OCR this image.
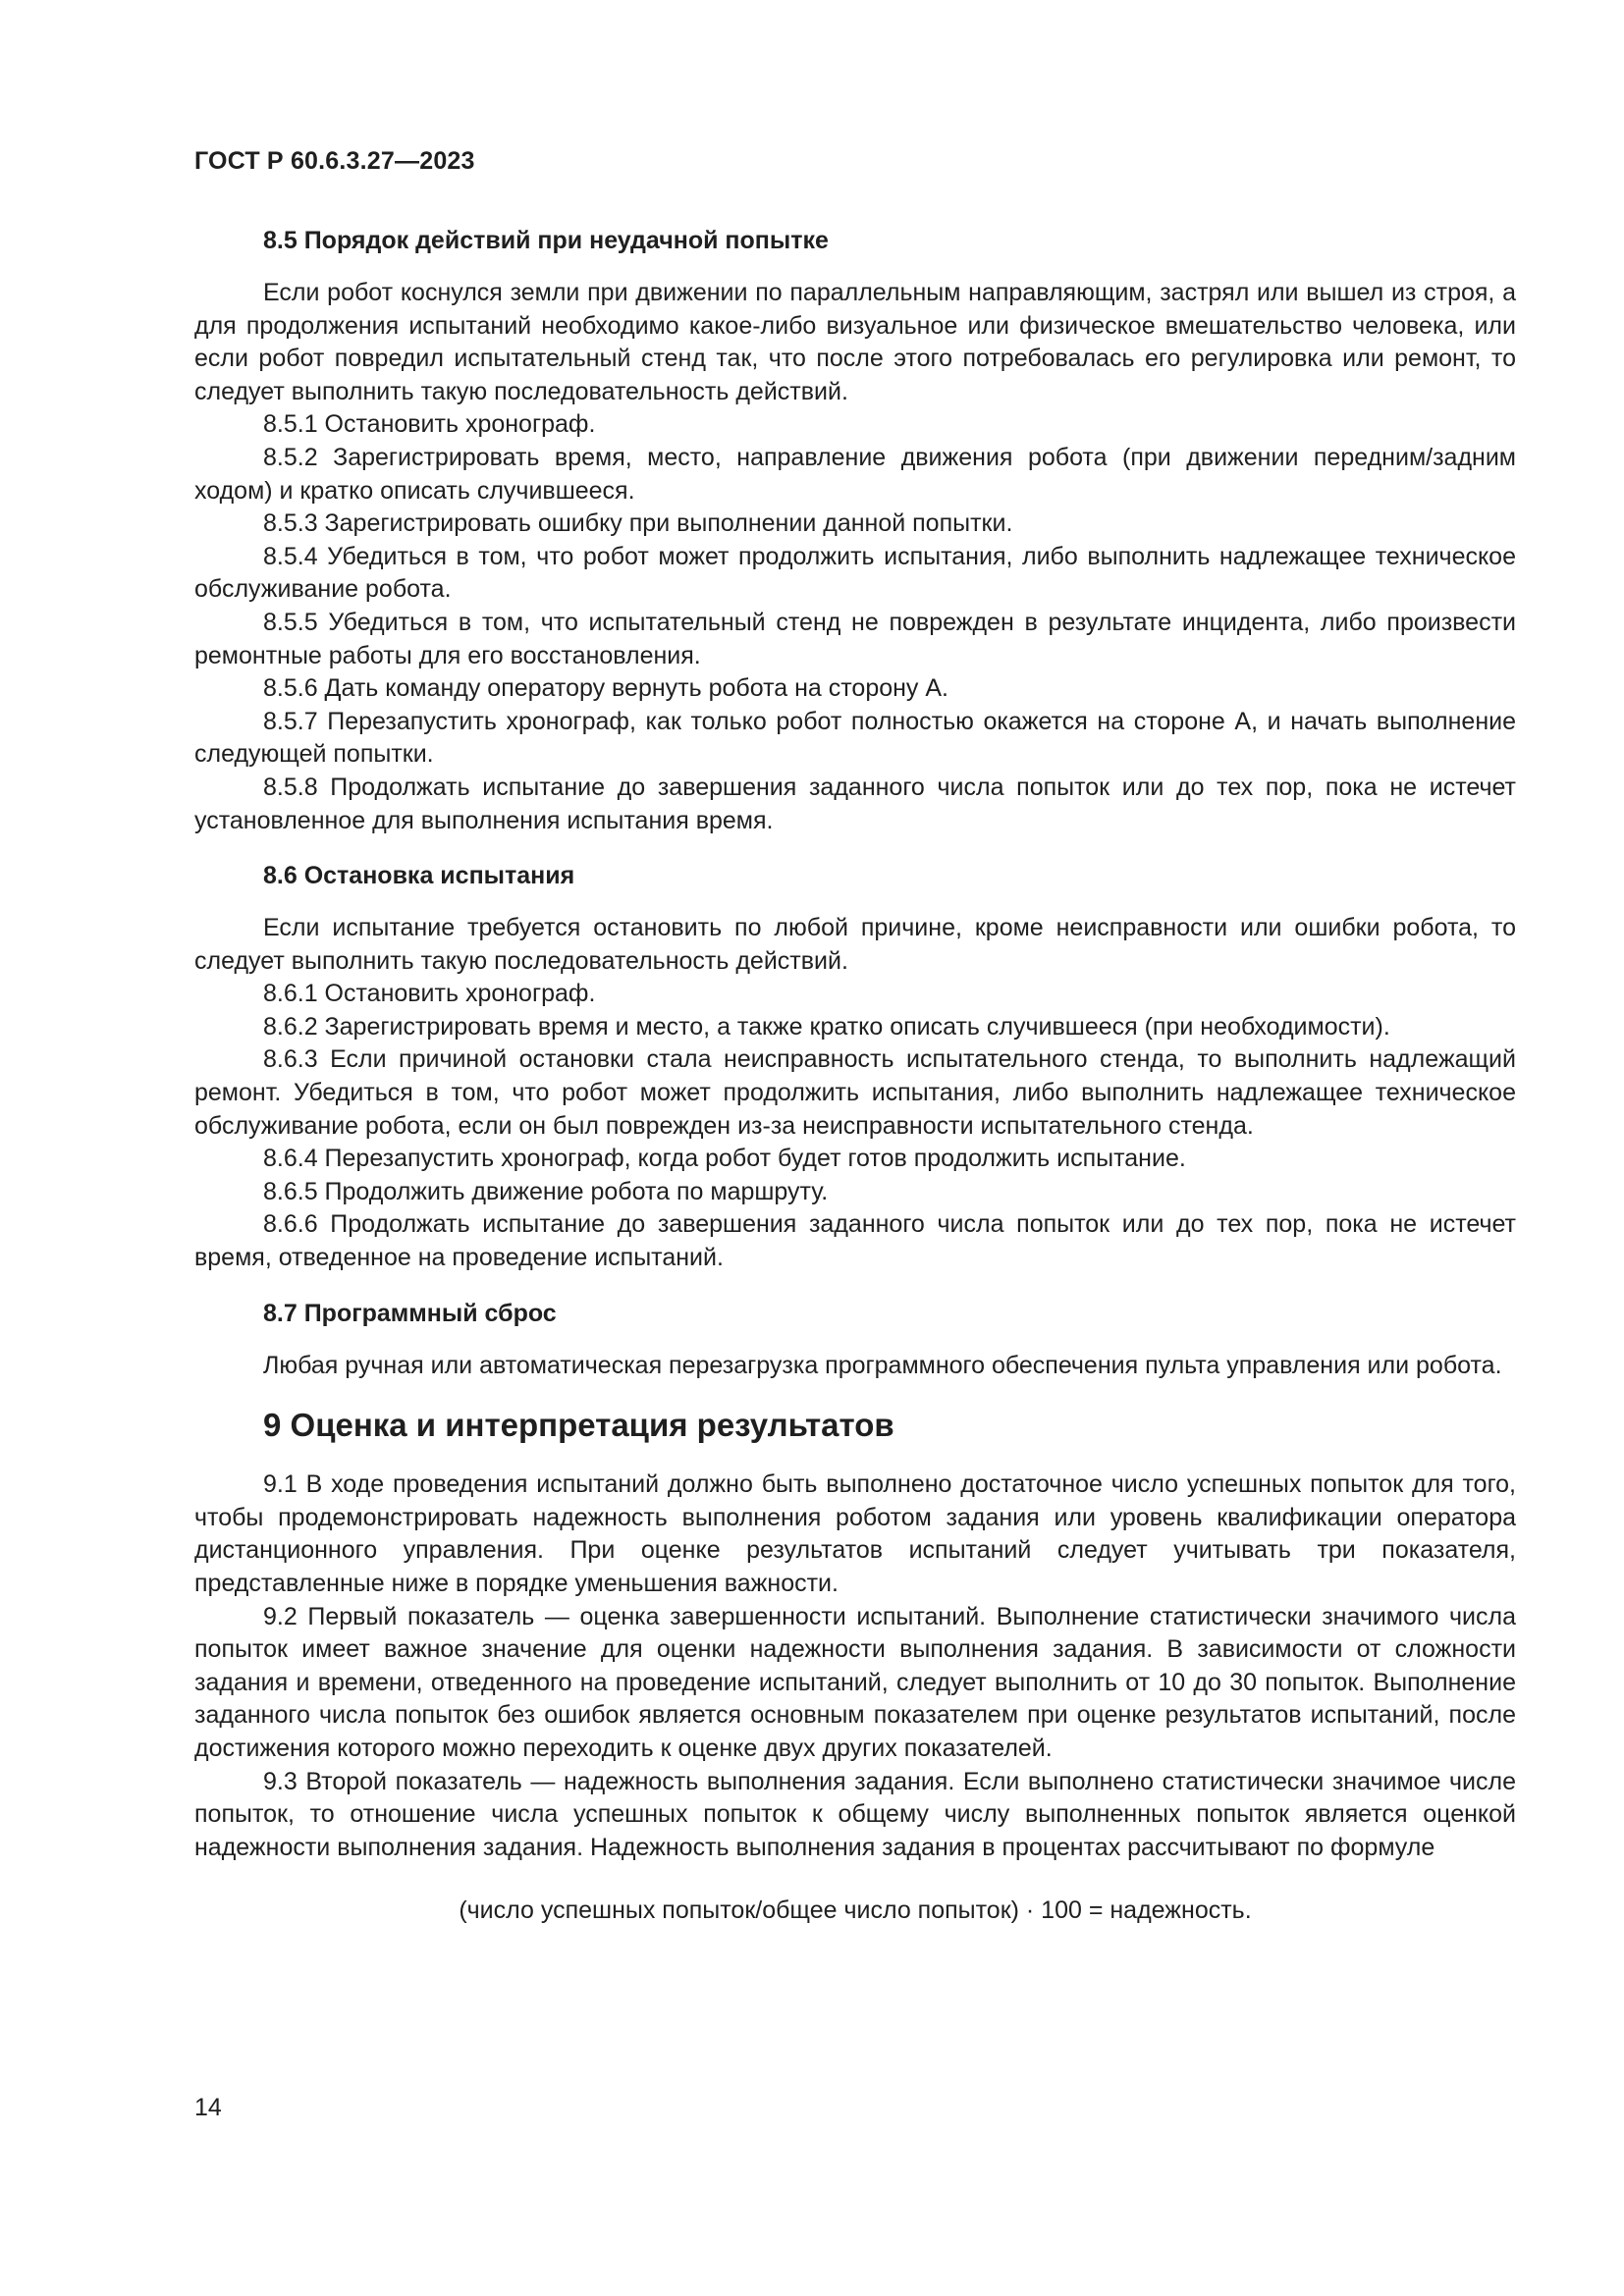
ГОСТ Р 60.6.3.27—2023

8.5 Порядок действий при неудачной попытке

Если робот коснулся земли при движении по параллельным направляющим, застрял или вышел из строя, а для продолжения испытаний необходимо какое-либо визуальное или физическое вмешательство человека, или если робот повредил испытательный стенд так, что после этого потребовалась его регулировка или ремонт, то следует выполнить такую последовательность действий.

8.5.1 Остановить хронограф.

8.5.2 Зарегистрировать время, место, направление движения робота (при движении передним/задним ходом) и кратко описать случившееся.

8.5.3 Зарегистрировать ошибку при выполнении данной попытки.

8.5.4 Убедиться в том, что робот может продолжить испытания, либо выполнить надлежащее техническое обслуживание робота.

8.5.5 Убедиться в том, что испытательный стенд не поврежден в результате инцидента, либо произвести ремонтные работы для его восстановления.

8.5.6 Дать команду оператору вернуть робота на сторону А.

8.5.7 Перезапустить хронограф, как только робот полностью окажется на стороне А, и начать выполнение следующей попытки.

8.5.8 Продолжать испытание до завершения заданного числа попыток или до тех пор, пока не истечет установленное для выполнения испытания время.

8.6 Остановка испытания

Если испытание требуется остановить по любой причине, кроме неисправности или ошибки робота, то следует выполнить такую последовательность действий.

8.6.1 Остановить хронограф.

8.6.2 Зарегистрировать время и место, а также кратко описать случившееся (при необходимости).

8.6.3 Если причиной остановки стала неисправность испытательного стенда, то выполнить надлежащий ремонт. Убедиться в том, что робот может продолжить испытания, либо выполнить надлежащее техническое обслуживание робота, если он был поврежден из-за неисправности испытательного стенда.

8.6.4 Перезапустить хронограф, когда робот будет готов продолжить испытание.

8.6.5 Продолжить движение робота по маршруту.

8.6.6 Продолжать испытание до завершения заданного числа попыток или до тех пор, пока не истечет время, отведенное на проведение испытаний.

8.7 Программный сброс

Любая ручная или автоматическая перезагрузка программного обеспечения пульта управления или робота.

9 Оценка и интерпретация результатов

9.1 В ходе проведения испытаний должно быть выполнено достаточное число успешных попыток для того, чтобы продемонстрировать надежность выполнения роботом задания или уровень квалификации оператора дистанционного управления. При оценке результатов испытаний следует учитывать три показателя, представленные ниже в порядке уменьшения важности.

9.2 Первый показатель — оценка завершенности испытаний. Выполнение статистически значимого числа попыток имеет важное значение для оценки надежности выполнения задания. В зависимости от сложности задания и времени, отведенного на проведение испытаний, следует выполнить от 10 до 30 попыток. Выполнение заданного числа попыток без ошибок является основным показателем при оценке результатов испытаний, после достижения которого можно переходить к оценке двух других показателей.

9.3 Второй показатель — надежность выполнения задания. Если выполнено статистически значимое числе попыток, то отношение числа успешных попыток к общему числу выполненных попыток является оценкой надежности выполнения задания. Надежность выполнения задания в процентах рассчитывают по формуле

(число успешных попыток/общее число попыток) · 100 = надежность.

14
